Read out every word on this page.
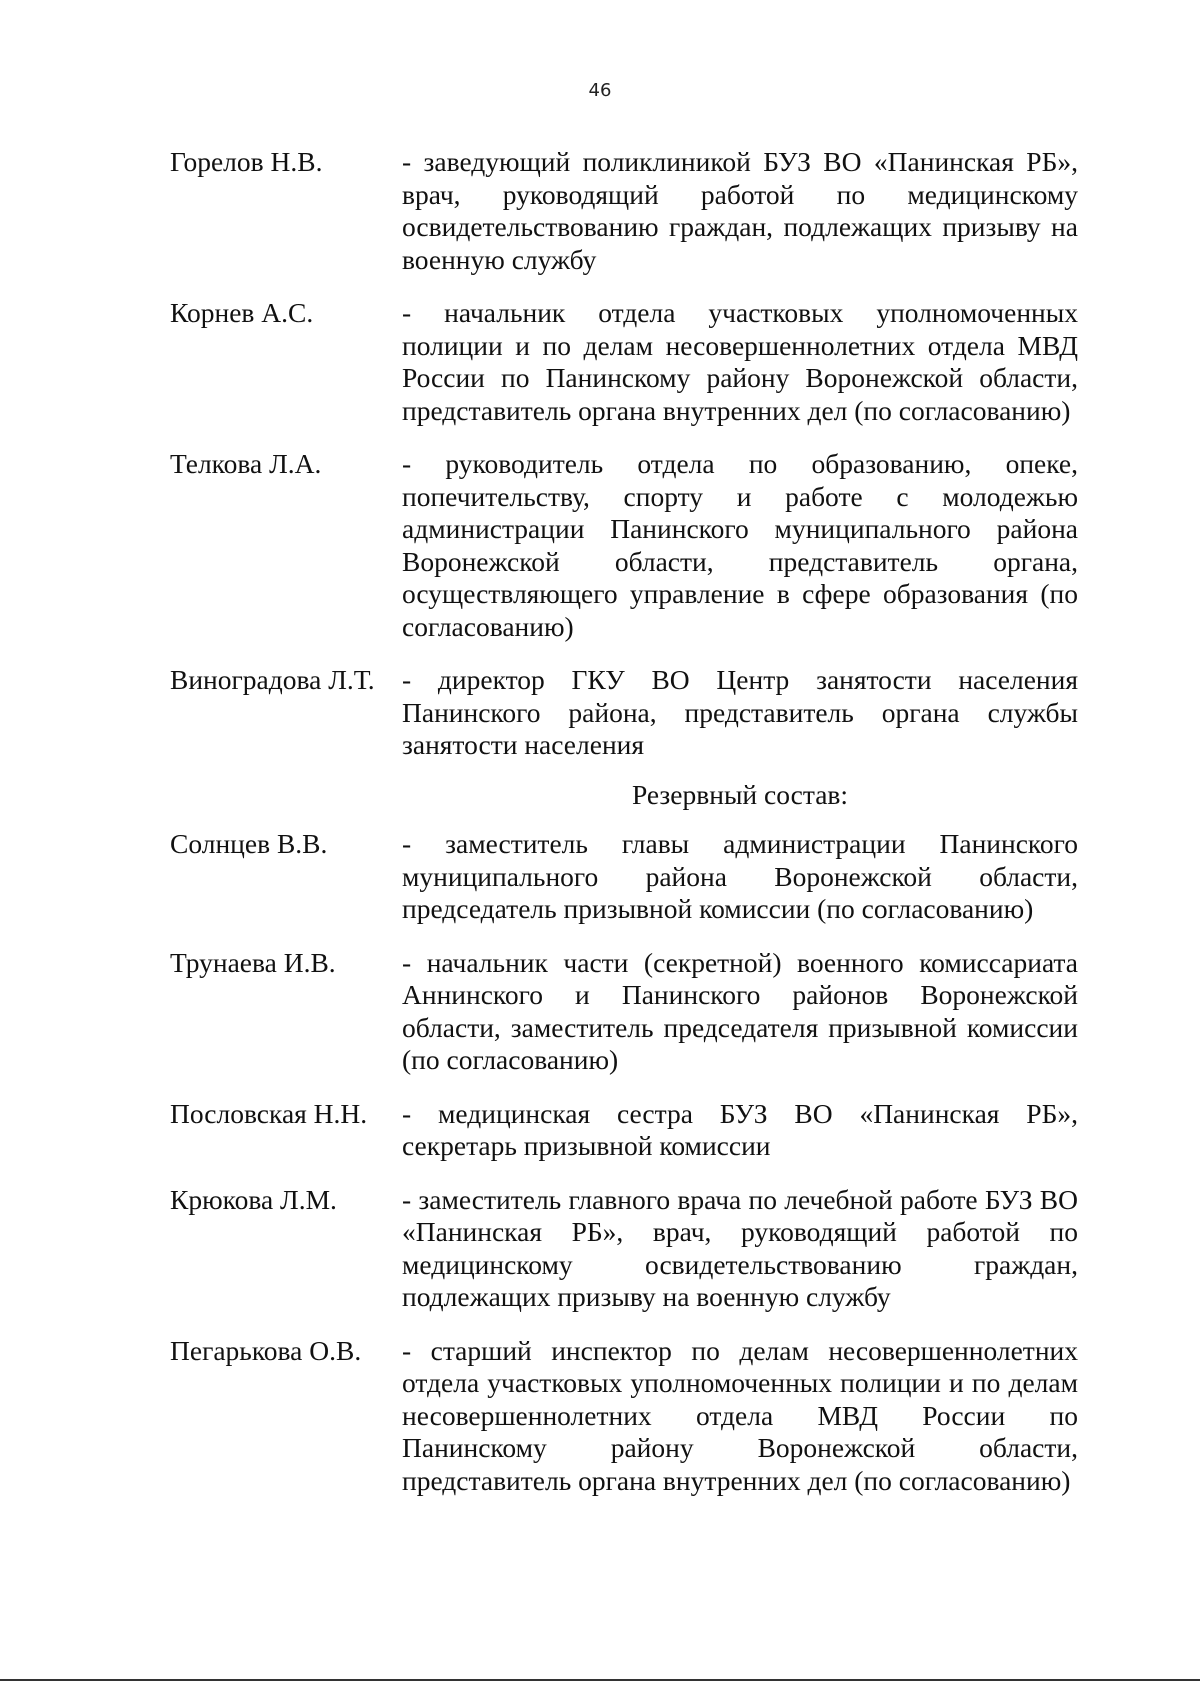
46
Горелов Н.В.	- заведующий поликлиникой БУЗ ВО «Панинская РБ», врач, руководящий работой по медицинскому освидетельствованию граждан, подлежащих призыву на военную службу
Корнев А.С.	- начальник отдела участковых уполномоченных полиции и по делам несовершеннолетних отдела МВД России по Панинскому району Воронежской области, представитель органа внутренних дел (по согласованию)
Телкова Л.А.	- руководитель отдела по образованию, опеке, попечительству, спорту и работе с молодежью администрации Панинского муниципального района Воронежской области, представитель органа, осуществляющего управление в сфере образования (по согласованию)
Виноградова Л.Т. - директор ГКУ ВО Центр занятости населения Панинского района, представитель органа службы занятости населения
Резервный состав:
Солнцев В.В.	- заместитель главы администрации Панинского муниципального района Воронежской области, председатель призывной комиссии (по согласованию)
Трунаева И.В.	- начальник части (секретной) военного комиссариата Аннинского и Панинского районов Воронежской области, заместитель председателя призывной комиссии (по согласованию)
Пословская Н.Н.	- медицинская сестра БУЗ ВО «Панинская РБ», секретарь призывной комиссии
Крюкова Л.М.	- заместитель главного врача по лечебной работе БУЗ ВО «Панинская РБ», врач, руководящий работой по медицинскому освидетельствованию граждан, подлежащих призыву на военную службу
Пегарькова О.В.	- старший инспектор по делам несовершеннолетних отдела участковых уполномоченных полиции и по делам несовершеннолетних отдела МВД России по Панинскому району Воронежской области, представитель органа внутренних дел (по согласованию)
